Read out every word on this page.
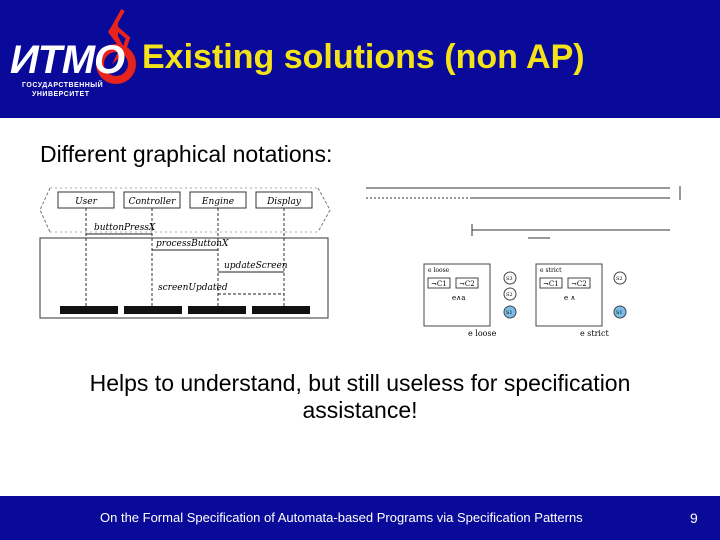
ИТМО
ГОСУДАРСТВЕННЫЙ
УНИВЕРСИТЕТ
Existing solutions (non AP)
Different graphical notations:
User	Controller	Engine	Display
buttonPressX
processButtonX
updateScreen
screenUpdated
e loose
¬C1 ¬C2
e∧a
S3
S2
S1
e loose
e strict
¬C1 ¬C2
e ∧
S2
S1
e strict
Helps to understand, but still useless for specification assistance!
On the Formal Specification of Automata-based Programs via Specification Patterns	9
